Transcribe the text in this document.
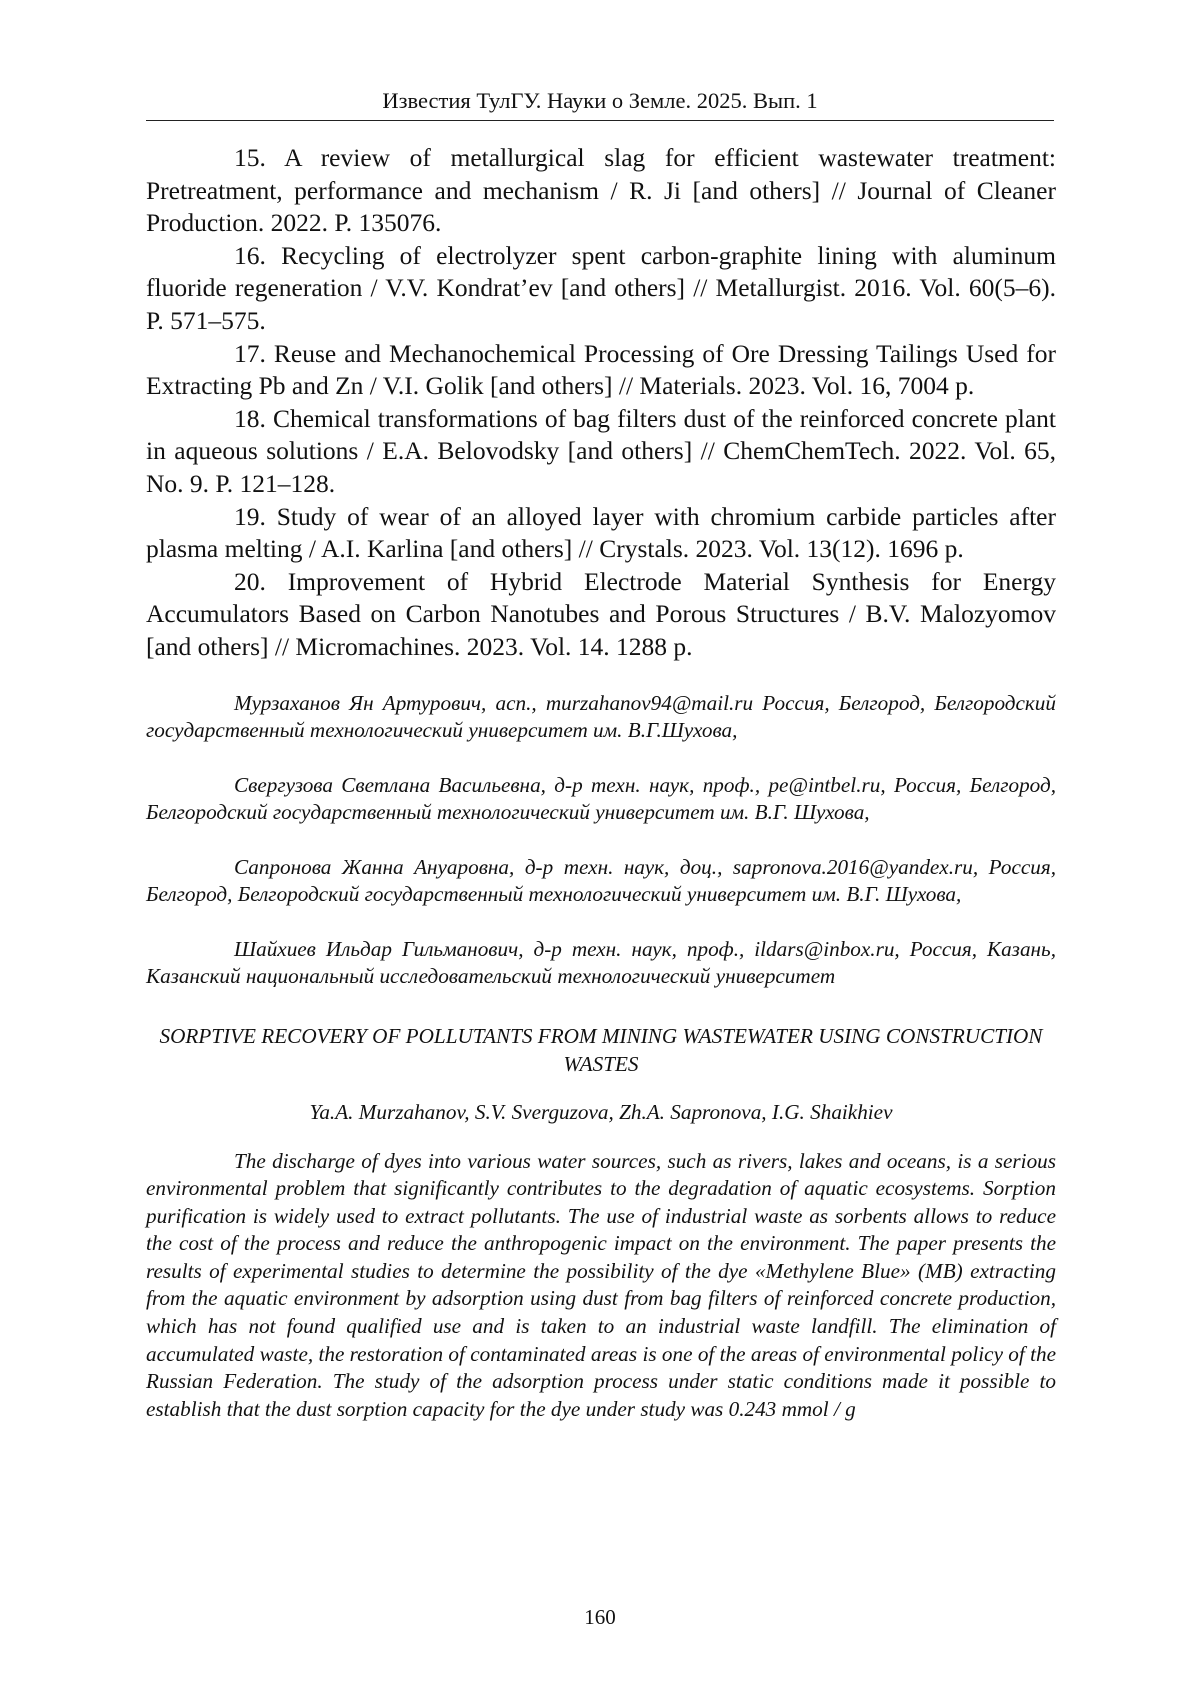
Известия ТулГУ. Науки о Земле. 2025. Вып. 1

15. A review of metallurgical slag for efficient wastewater treatment: Pretreatment, performance and mechanism / R. Ji [and others] // Journal of Cleaner Production. 2022. P. 135076.

16. Recycling of electrolyzer spent carbon-graphite lining with aluminum fluoride regeneration / V.V. Kondrat’ev [and others] // Metallurgist. 2016. Vol. 60(5–6). P. 571–575.

17. Reuse and Mechanochemical Processing of Ore Dressing Tailings Used for Extracting Pb and Zn / V.I. Golik [and others] // Materials. 2023. Vol. 16, 7004 p.

18. Chemical transformations of bag filters dust of the reinforced concrete plant in aqueous solutions / E.A. Belovodsky [and others] // ChemChemTech. 2022. Vol. 65, No. 9. P. 121–128.

19. Study of wear of an alloyed layer with chromium carbide particles after plasma melting / A.I. Karlina [and others] // Crystals. 2023. Vol. 13(12). 1696 p.

20. Improvement of Hybrid Electrode Material Synthesis for Energy Accumulators Based on Carbon Nanotubes and Porous Structures / B.V. Malozyomov [and others] // Micromachines. 2023. Vol. 14. 1288 p.

Мурзаханов Ян Артурович, асп., murzahanov94@mail.ru Россия, Белгород, Белгородский государственный технологический университет им. В.Г.Шухова,

Свергузова Светлана Васильевна, д-р техн. наук, проф., pe@intbel.ru, Россия, Белгород, Белгородский государственный технологический университет им. В.Г. Шухова,

Сапронова Жанна Ануаровна, д-р техн. наук, доц., sapronova.2016@yandex.ru, Россия, Белгород, Белгородский государственный технологический университет им. В.Г. Шухова,

Шайхиев Ильдар Гильманович, д-р техн. наук, проф., ildars@inbox.ru, Россия, Казань, Казанский национальный исследовательский технологический университет

SORPTIVE RECOVERY OF POLLUTANTS FROM MINING WASTEWATER USING CONSTRUCTION WASTES

Ya.A. Murzahanov, S.V. Sverguzova, Zh.A. Sapronova, I.G. Shaikhiev

The discharge of dyes into various water sources, such as rivers, lakes and oceans, is a serious environmental problem that significantly contributes to the degradation of aquatic ecosystems. Sorption purification is widely used to extract pollutants. The use of industrial waste as sorbents allows to reduce the cost of the process and reduce the anthropogenic impact on the environment. The paper presents the results of experimental studies to determine the possibility of the dye «Methylene Blue» (MB) extracting from the aquatic environment by adsorption using dust from bag filters of reinforced concrete production, which has not found qualified use and is taken to an industrial waste landfill. The elimination of accumulated waste, the restoration of contaminated areas is one of the areas of environmental policy of the Russian Federation. The study of the adsorption process under static conditions made it possible to establish that the dust sorption capacity for the dye under study was 0.243 mmol / g

160
